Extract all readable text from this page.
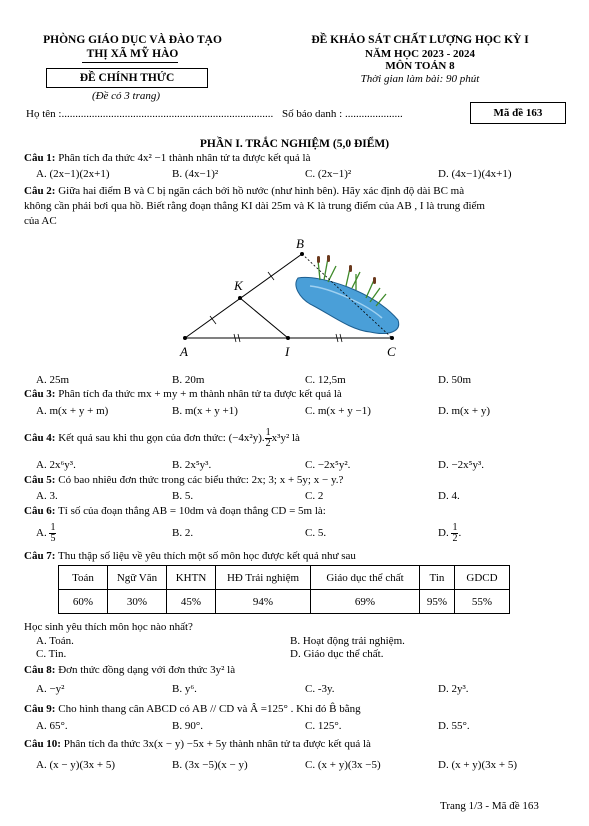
PHÒNG GIÁO DỤC VÀ ĐÀO TẠO
THỊ XÃ MỸ HÀO
ĐỀ CHÍNH THỨC
(Đề có 3 trang)
ĐỀ KHẢO SÁT CHẤT LƯỢNG HỌC KỲ I
NĂM HỌC 2023 - 2024
MÔN TOÁN 8
Thời gian làm bài: 90 phút
Họ tên :............................................................................. Số báo danh : .....................	Mã đề 163
PHẦN I. TRẮC NGHIỆM (5,0 ĐIỂM)
Câu 1: Phân tích đa thức 4x² −1 thành nhân tử ta được kết quả là
A. (2x−1)(2x+1)	B. (4x−1)²	C. (2x−1)²	D. (4x−1)(4x+1)
Câu 2: Giữa hai điểm B và C bị ngăn cách bởi hồ nước (như hình bên). Hãy xác định độ dài BC mà
không cần phải bơi qua hồ. Biết rằng đoạn thẳng KI dài 25m và K là trung điểm của AB , I là trung điểm
của AC
B
K
A	I	C
A. 25m	B. 20m	C. 12,5m	D. 50m
Câu 3: Phân tích đa thức mx + my + m thành nhân tử ta được kết quả là
A. m(x + y + m)	B. m(x + y +1)	C. m(x + y −1)	D. m(x + y)
Câu 4: Kết quả sau khi thu gọn của đơn thức: (−4x²y). $\frac{1}{2} x^3y^2$ là
A. 2x⁶y³.	B. 2x⁵y³.	C. −2x⁵y².	D. −2x⁵y³.
Câu 5: Có bao nhiêu đơn thức trong các biểu thức: 2x; 3; x + 5y; x − y.?
A. 3.	B. 5.	C. 2	D. 4.
Câu 6: Tỉ số của đoạn thẳng AB = 10dm và đoạn thẳng CD = 5m là:
A. $\frac{1}{5}$	B. 2.	C. 5.	D. $\frac{1}{2}$ .
Câu 7: Thu thập số liệu về yêu thích một số môn học được kết quả như sau
Toán	Ngữ Văn	KHTN	HĐ Trải nghiệm	Giáo dục thể chất	Tin	GDCD
60%	30%	45%	94%	69%	95%	55%
Học sinh yêu thích môn học nào nhất?
A. Toán.	B. Hoạt động trải nghiệm.
C. Tin.	D. Giáo dục thể chất.
Câu 8: Đơn thức đồng dạng với đơn thức 3y² là
A. −y²	B. y⁶.	C. -3y.	D. 2y³.
Câu 9: Cho hình thang cân ABCD có AB // CD và Â =125° . Khi đó B̂ bằng
A. 65°.	B. 90°.	C. 125°.	D. 55°.
Câu 10: Phân tích đa thức 3x(x − y) −5x + 5y thành nhân tử ta được kết quả là
A. (x − y)(3x + 5)	B. (3x −5)(x − y)	C. (x + y)(3x −5)	D. (x + y)(3x + 5)
Trang 1/3 - Mã đề 163
